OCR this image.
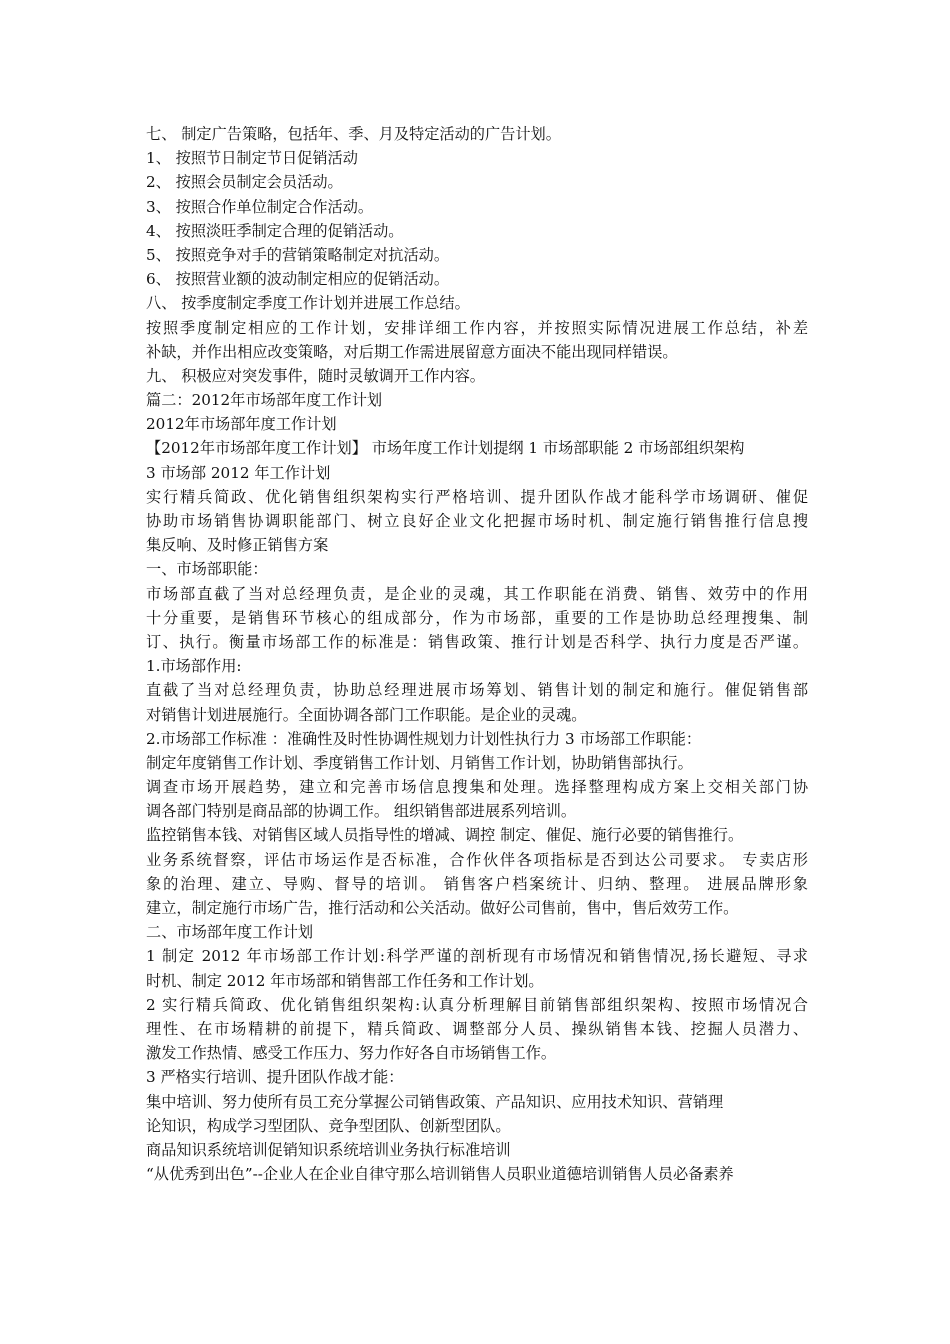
七、 制定广告策略，包括年、季、月及特定活动的广告计划。
1、 按照节日制定节日促销活动
2、 按照会员制定会员活动。
3、 按照合作单位制定合作活动。
4、 按照淡旺季制定合理的促销活动。
5、 按照竞争对手的营销策略制定对抗活动。
6、 按照营业额的波动制定相应的促销活动。
八、 按季度制定季度工作计划并进展工作总结。
按照季度制定相应的工作计划，安排详细工作内容，并按照实际情况进展工作总结，补差
补缺，并作出相应改变策略，对后期工作需进展留意方面决不能出现同样错误。
九、 积极应对突发事件，随时灵敏调开工作内容。
篇二：2012年市场部年度工作计划
2012年市场部年度工作计划
【2012年市场部年度工作计划】 市场年度工作计划提纲 1 市场部职能 2 市场部组织架构
3 市场部 2012 年工作计划
实行精兵简政、优化销售组织架构实行严格培训、提升团队作战才能科学市场调研、催促
协助市场销售协调职能部门、树立良好企业文化把握市场时机、制定施行销售推行信息搜
集反响、及时修正销售方案
一、市场部职能：
市场部直截了当对总经理负责，是企业的灵魂，其工作职能在消费、销售、效劳中的作用
十分重要，是销售环节核心的组成部分，作为市场部，重要的工作是协助总经理搜集、制
订、执行。衡量市场部工作的标准是：销售政策、推行计划是否科学、执行力度是否严谨。
1.市场部作用:
直截了当对总经理负责，协助总经理进展市场筹划、销售计划的制定和施行。催促销售部
对销售计划进展施行。全面协调各部门工作职能。是企业的灵魂。
2.市场部工作标准 ：准确性及时性协调性规划力计划性执行力 3 市场部工作职能：
制定年度销售工作计划、季度销售工作计划、月销售工作计划，协助销售部执行。
调查市场开展趋势，建立和完善市场信息搜集和处理。选择整理构成方案上交相关部门协
调各部门特别是商品部的协调工作。 组织销售部进展系列培训。
监控销售本钱、对销售区域人员指导性的增减、调控 制定、催促、施行必要的销售推行。
业务系统督察，评估市场运作是否标准，合作伙伴各项指标是否到达公司要求。 专卖店形
象的治理、建立、导购、督导的培训。 销售客户档案统计、归纳、整理。 进展品牌形象
建立，制定施行市场广告，推行活动和公关活动。做好公司售前，售中，售后效劳工作。
二、市场部年度工作计划
1 制定 2012 年市场部工作计划:科学严谨的剖析现有市场情况和销售情况,扬长避短、寻求
时机、制定 2012 年市场部和销售部工作任务和工作计划。
2 实行精兵简政、优化销售组织架构:认真分析理解目前销售部组织架构、按照市场情况合
理性、在市场精耕的前提下，精兵简政、调整部分人员、操纵销售本钱、挖掘人员潜力、
激发工作热情、感受工作压力、努力作好各自市场销售工作。
3 严格实行培训、提升团队作战才能：
集中培训、努力使所有员工充分掌握公司销售政策、产品知识、应用技术知识、营销理
论知识，构成学习型团队、竞争型团队、创新型团队。
商品知识系统培训促销知识系统培训业务执行标准培训
“从优秀到出色”--企业人在企业自律守那么培训销售人员职业道德培训销售人员必备素养
